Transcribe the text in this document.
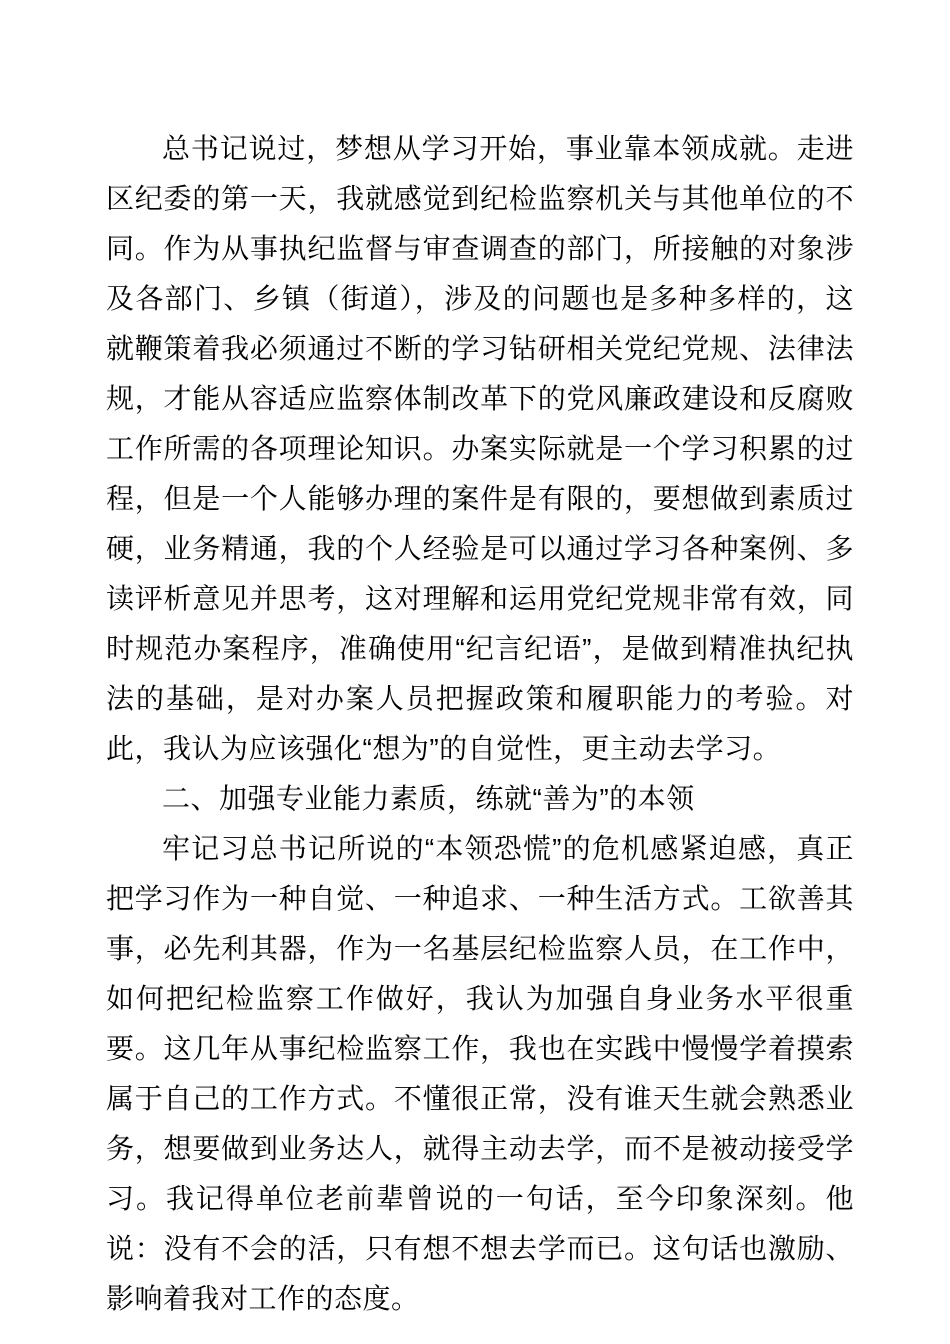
总书记说过，梦想从学习开始，事业靠本领成就。走进区纪委的第一天，我就感觉到纪检监察机关与其他单位的不同。作为从事执纪监督与审查调查的部门，所接触的对象涉及各部门、乡镇（街道），涉及的问题也是多种多样的，这就鞭策着我必须通过不断的学习钻研相关党纪党规、法律法规，才能从容适应监察体制改革下的党风廉政建设和反腐败工作所需的各项理论知识。办案实际就是一个学习积累的过程，但是一个人能够办理的案件是有限的，要想做到素质过硬，业务精通，我的个人经验是可以通过学习各种案例、多读评析意见并思考，这对理解和运用党纪党规非常有效，同时规范办案程序，准确使用“纪言纪语”，是做到精准执纪执法的基础，是对办案人员把握政策和履职能力的考验。对此，我认为应该强化“想为”的自觉性，更主动去学习。

二、加强专业能力素质，练就“善为”的本领

牢记习总书记所说的“本领恐慌”的危机感紧迫感，真正把学习作为一种自觉、一种追求、一种生活方式。工欲善其事，必先利其器，作为一名基层纪检监察人员，在工作中，如何把纪检监察工作做好，我认为加强自身业务水平很重要。这几年从事纪检监察工作，我也在实践中慢慢学着摸索属于自己的工作方式。不懂很正常，没有谁天生就会熟悉业务，想要做到业务达人，就得主动去学，而不是被动接受学习。我记得单位老前辈曾说的一句话，至今印象深刻。他说：没有不会的活，只有想不想去学而已。这句话也激励、影响着我对工作的态度。
